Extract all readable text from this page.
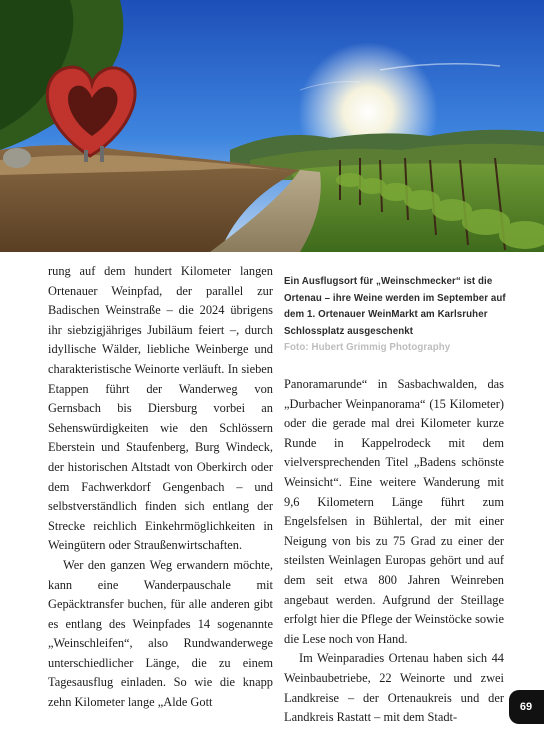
rung auf dem hundert Kilometer langen Ortenauer Weinpfad, der parallel zur Badischen Weinstraße – die 2024 übrigens ihr siebzigjähriges Jubiläum feiert –, durch idyllische Wälder, liebliche Weinberge und charakteristische Weinorte verläuft. In sieben Etappen führt der Wanderweg von Gernsbach bis Diersburg vorbei an Sehenswürdigkeiten wie den Schlössern Eberstein und Staufenberg, Burg Windeck, der historischen Altstadt von Oberkirch oder dem Fachwerkdorf Gengenbach – und selbstverständlich finden sich entlang der Strecke reichlich Einkehrmöglichkeiten in Weingütern oder Straußenwirtschaften.

Wer den ganzen Weg erwandern möchte, kann eine Wanderpauschale mit Gepäcktransfer buchen, für alle anderen gibt es entlang des Weinpfades 14 sogenannte „Weinschleifen“, also Rundwanderwege unterschiedlicher Länge, die zu einem Tagesausflug einladen. So wie die knapp zehn Kilometer lange „Alde Gott

Ein Ausflugsort für „Weinschmecker“ ist die Ortenau – ihre Weine werden im September auf dem 1. Ortenauer WeinMarkt am Karlsruher Schlossplatz ausgeschenkt
Foto: Hubert Grimmig Photography

Panoramarunde“ in Sasbachwalden, das „Durbacher Weinpanorama“ (15 Kilometer) oder die gerade mal drei Kilometer kurze Runde in Kappelrodeck mit dem vielversprechenden Titel „Badens schönste Weinsicht“. Eine weitere Wanderung mit 9,6 Kilometern Länge führt zum Engelsfelsen in Bühlertal, der mit einer Neigung von bis zu 75 Grad zu einer der steilsten Weinlagen Europas gehört und auf dem seit etwa 800 Jahren Weinreben angebaut werden. Aufgrund der Steillage erfolgt hier die Pflege der Weinstöcke sowie die Lese noch von Hand.

Im Weinparadies Ortenau haben sich 44 Weinbaubetriebe, 22 Weinorte und zwei Landkreise – der Ortenaukreis und der Landkreis Rastatt – mit dem Stadt-

69
